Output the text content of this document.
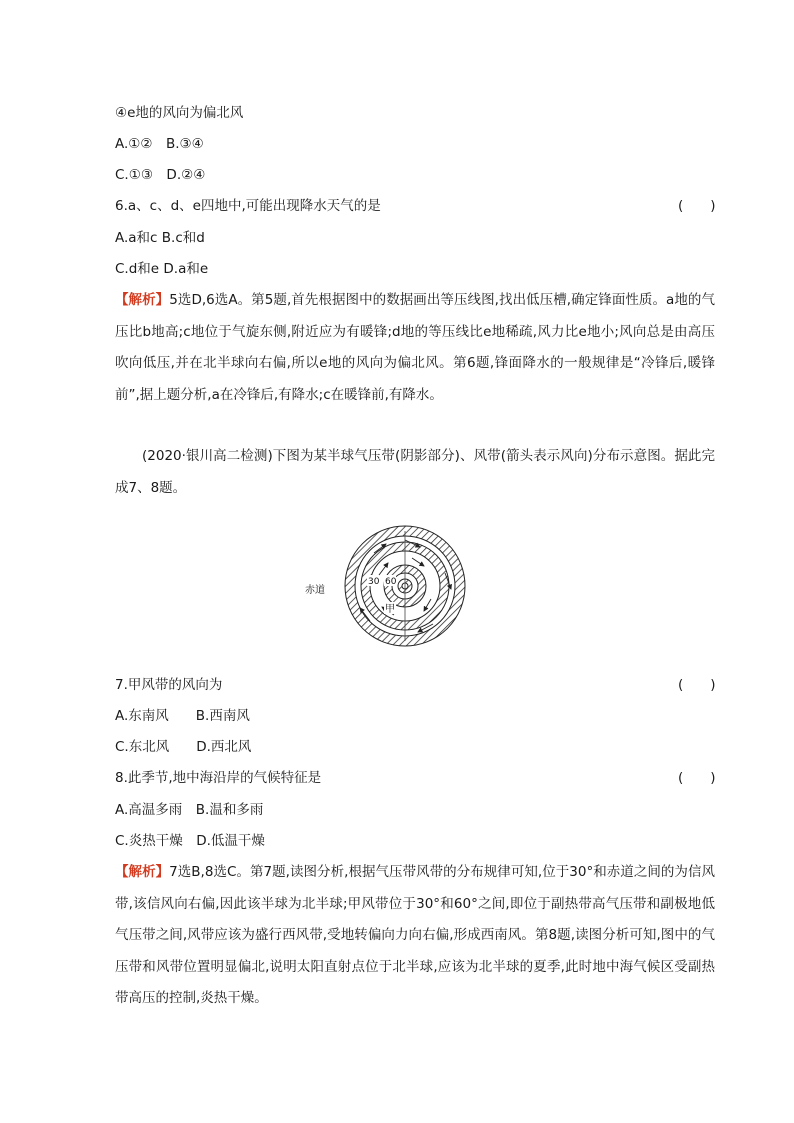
④e地的风向为偏北风
A.①②　B.③④
C.①③　D.②④
6.a、c、d、e四地中,可能出现降水天气的是	(　　)
A.a和c B.c和d
C.d和e D.a和e
【解析】5选D,6选A。第5题,首先根据图中的数据画出等压线图,找出低压槽,确定锋面性质。a地的气压比b地高;c地位于气旋东侧,附近应为有暖锋;d地的等压线比e地稀疏,风力比e地小;风向总是由高压吹向低压,并在北半球向右偏,所以e地的风向为偏北风。第6题,锋面降水的一般规律是“冷锋后,暖锋前”,据上题分析,a在冷锋后,有降水;c在暖锋前,有降水。
(2020·银川高二检测)下图为某半球气压带(阴影部分)、风带(箭头表示风向)分布示意图。据此完成7、8题。
30 60
甲
赤道
7.甲风带的风向为	(　　)
A.东南风　　B.西南风
C.东北风　　D.西北风
8.此季节,地中海沿岸的气候特征是	(　　)
A.高温多雨　B.温和多雨
C.炎热干燥　D.低温干燥
【解析】7选B,8选C。第7题,读图分析,根据气压带风带的分布规律可知,位于30°和赤道之间的为信风带,该信风向右偏,因此该半球为北半球;甲风带位于30°和60°之间,即位于副热带高气压带和副极地低气压带之间,风带应该为盛行西风带,受地转偏向力向右偏,形成西南风。第8题,读图分析可知,图中的气压带和风带位置明显偏北,说明太阳直射点位于北半球,应该为北半球的夏季,此时地中海气候区受副热带高压的控制,炎热干燥。
